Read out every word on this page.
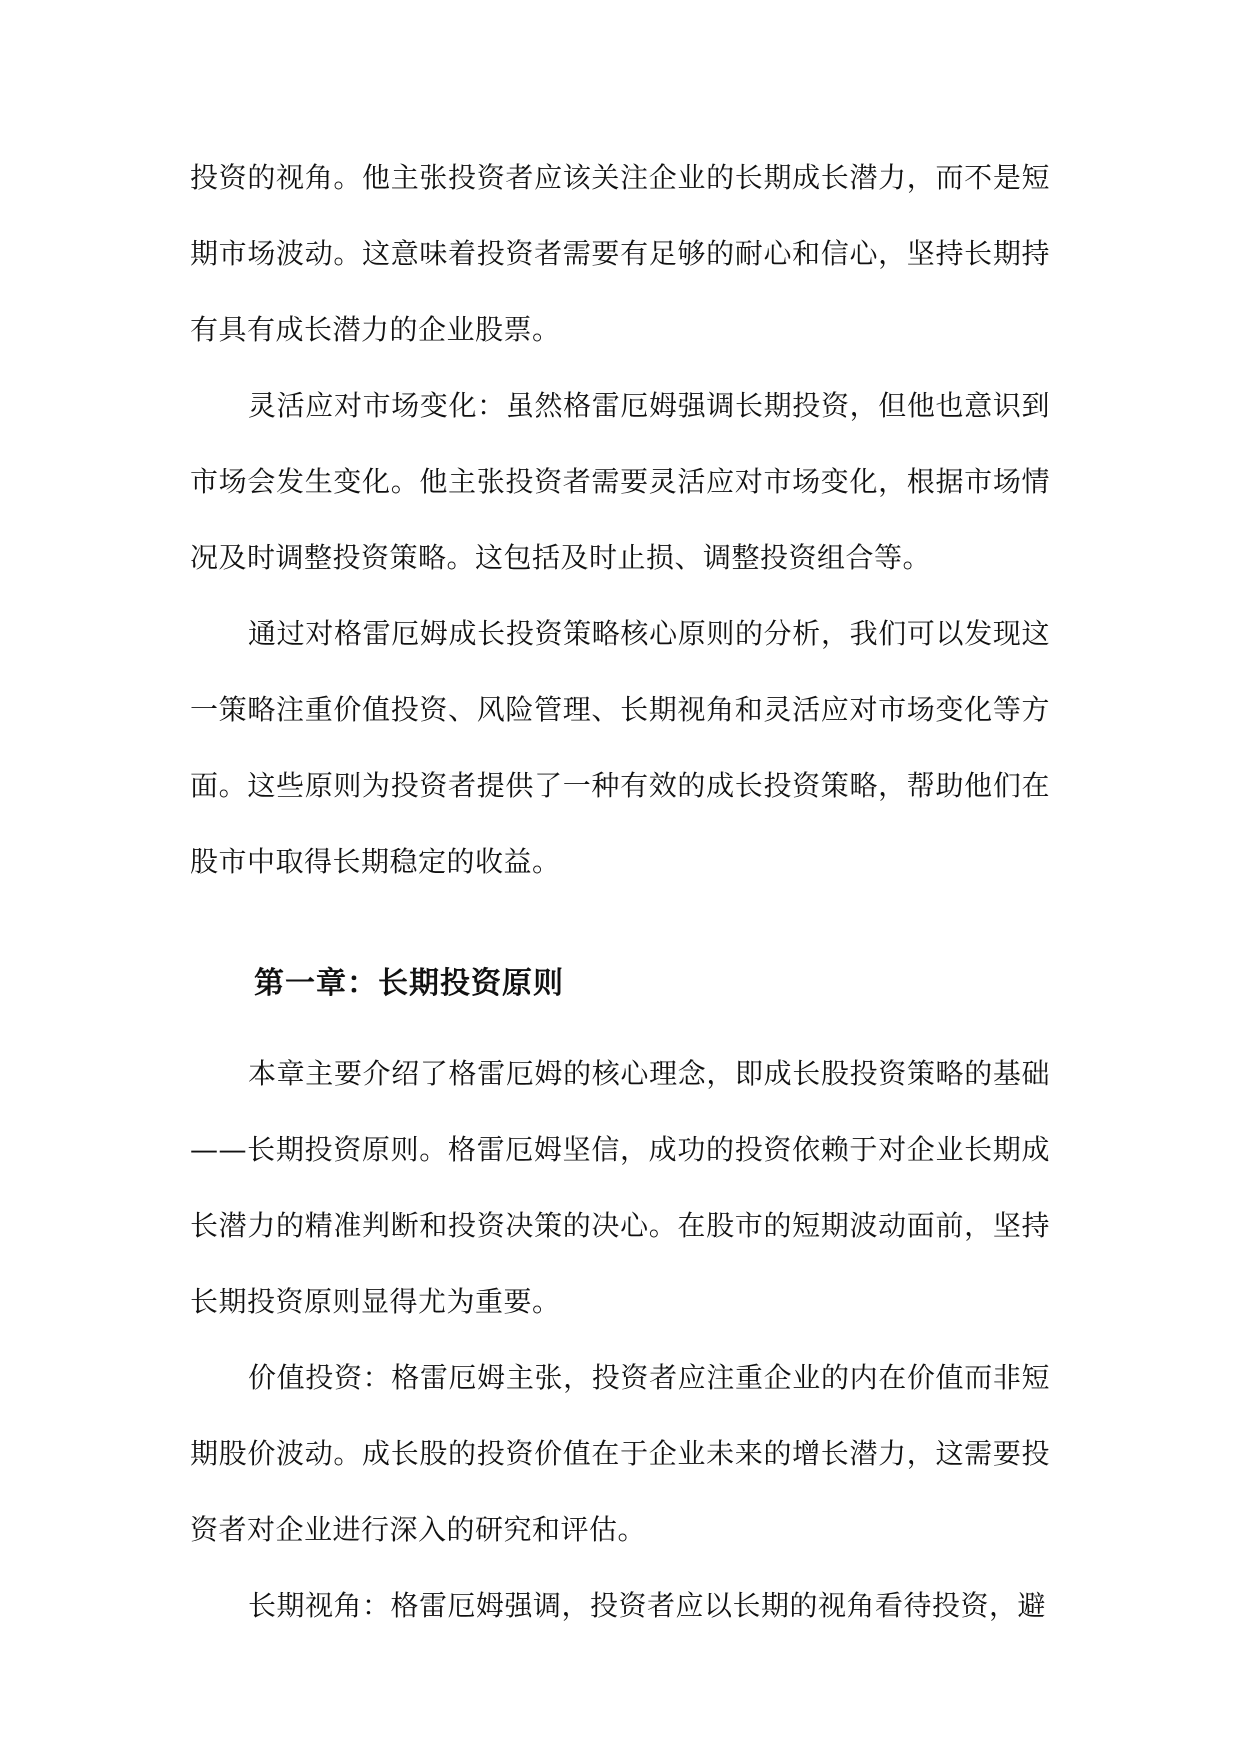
投资的视角。他主张投资者应该关注企业的长期成长潜力，而不是短期市场波动。这意味着投资者需要有足够的耐心和信心，坚持长期持有具有成长潜力的企业股票。

灵活应对市场变化：虽然格雷厄姆强调长期投资，但他也意识到市场会发生变化。他主张投资者需要灵活应对市场变化，根据市场情况及时调整投资策略。这包括及时止损、调整投资组合等。

通过对格雷厄姆成长投资策略核心原则的分析，我们可以发现这一策略注重价值投资、风险管理、长期视角和灵活应对市场变化等方面。这些原则为投资者提供了一种有效的成长投资策略，帮助他们在股市中取得长期稳定的收益。

第一章：长期投资原则

本章主要介绍了格雷厄姆的核心理念，即成长股投资策略的基础——长期投资原则。格雷厄姆坚信，成功的投资依赖于对企业长期成长潜力的精准判断和投资决策的决心。在股市的短期波动面前，坚持长期投资原则显得尤为重要。

价值投资：格雷厄姆主张，投资者应注重企业的内在价值而非短期股价波动。成长股的投资价值在于企业未来的增长潜力，这需要投资者对企业进行深入的研究和评估。

长期视角：格雷厄姆强调，投资者应以长期的视角看待投资，避
